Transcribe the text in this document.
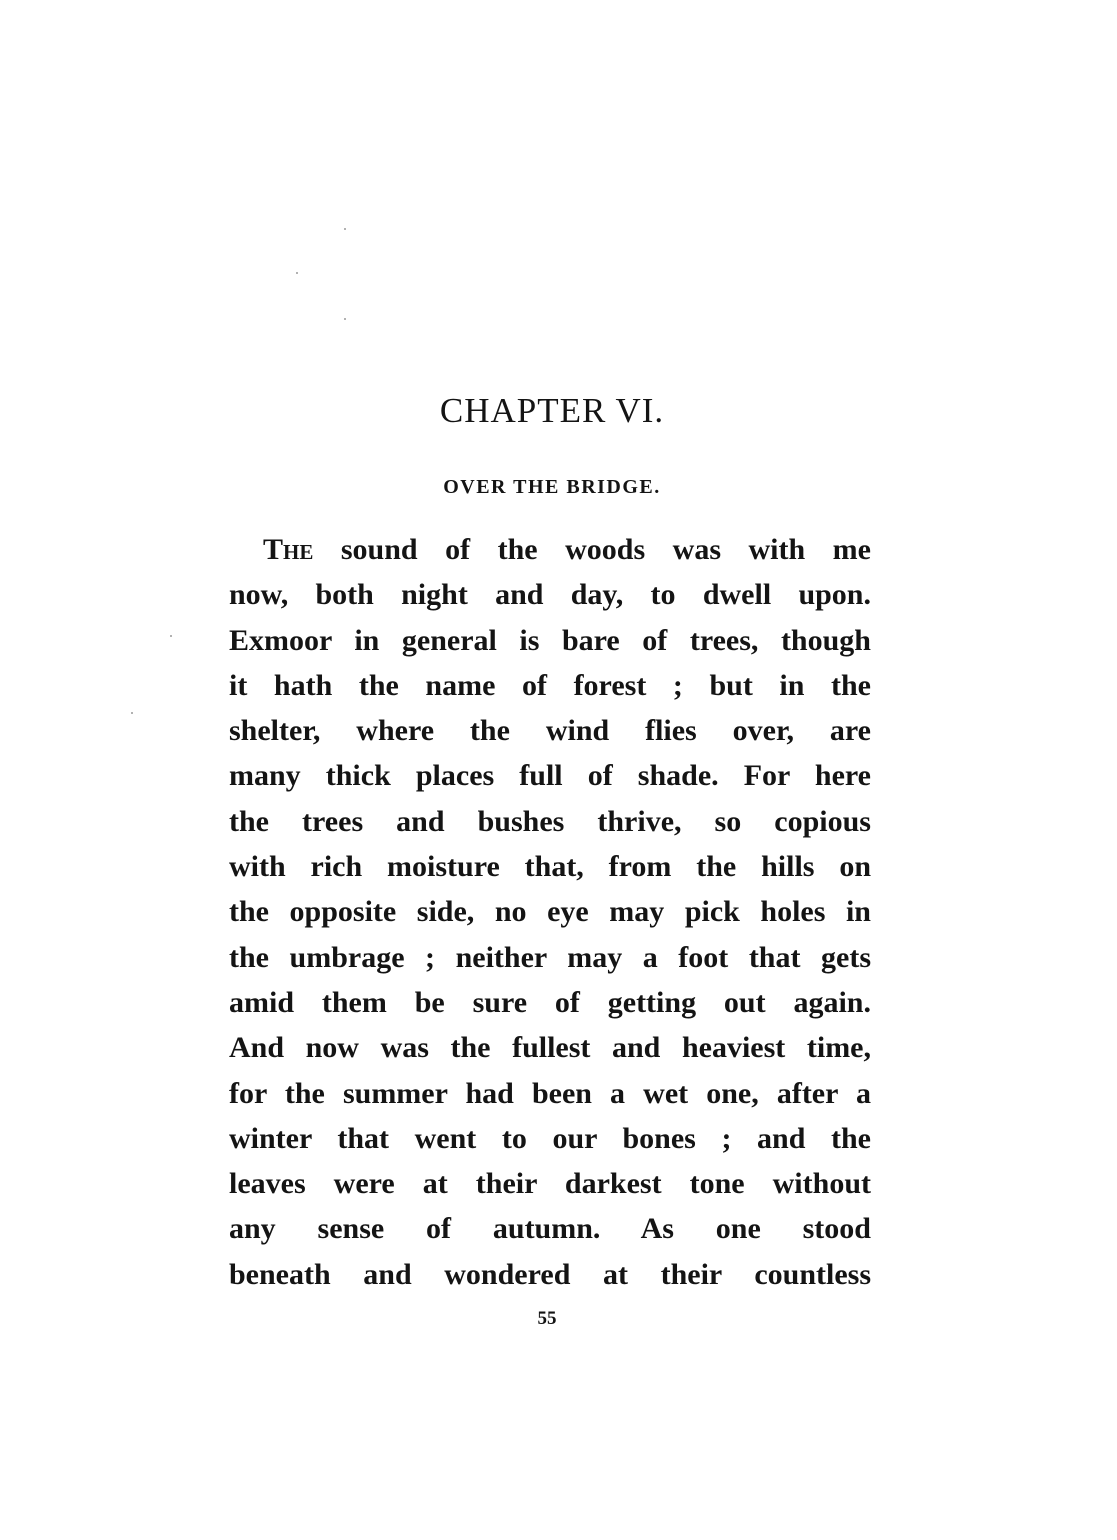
CHAPTER VI.
OVER THE BRIDGE.
The sound of the woods was with me
now, both night and day, to dwell upon.
Exmoor in general is bare of trees, though
it hath the name of forest ; but in the
shelter, where the wind flies over, are
many thick places full of shade. For here
the trees and bushes thrive, so copious
with rich moisture that, from the hills on
the opposite side, no eye may pick holes in
the umbrage ; neither may a foot that gets
amid them be sure of getting out again.
And now was the fullest and heaviest time,
for the summer had been a wet one, after a
winter that went to our bones ; and the
leaves were at their darkest tone without
any sense of autumn. As one stood
beneath and wondered at their countless
55
